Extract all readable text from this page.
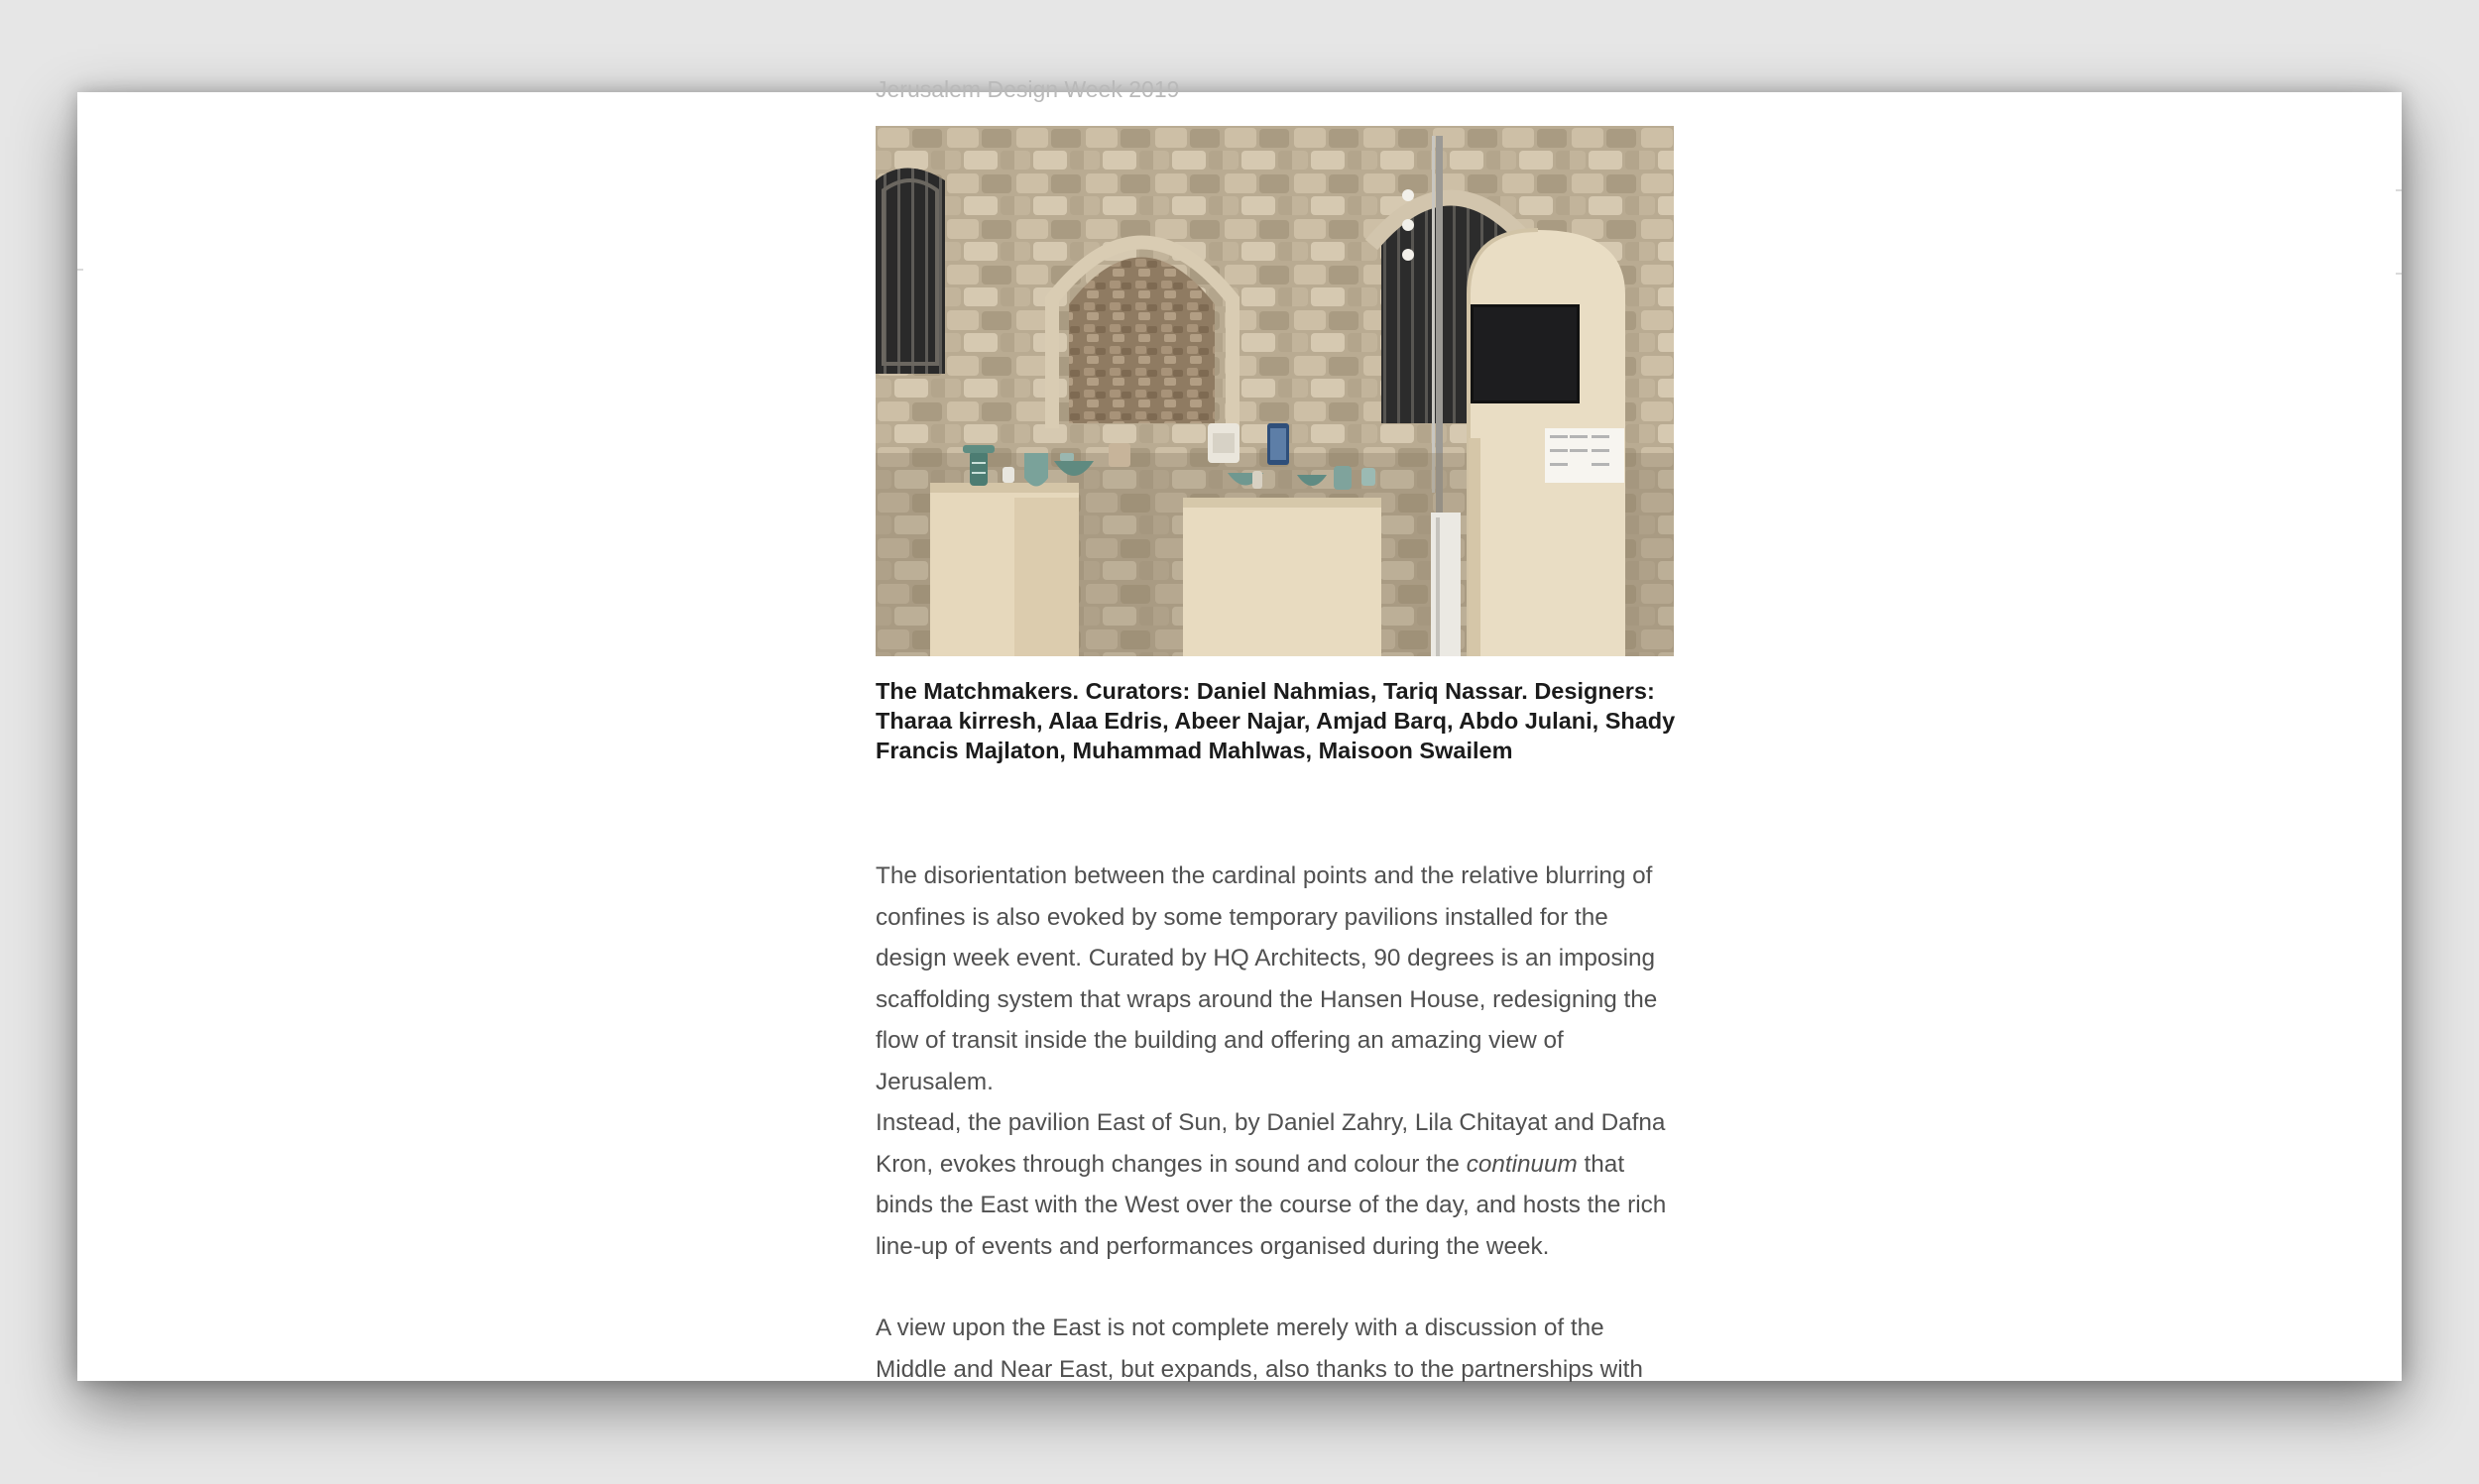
Jerusalem Design Week 2019
The Matchmakers. Curators: Daniel Nahmias, Tariq Nassar. Designers: Tharaa kirresh, Alaa Edris, Abeer Najar, Amjad Barq, Abdo Julani, Shady Francis Majlaton, Muhammad Mahlwas, Maisoon Swailem

The disorientation between the cardinal points and the relative blurring of confines is also evoked by some temporary pavilions installed for the design week event. Curated by HQ Architects, 90 degrees is an imposing scaffolding system that wraps around the Hansen House, redesigning the flow of transit inside the building and offering an amazing view of Jerusalem.
Instead, the pavilion East of Sun, by Daniel Zahry, Lila Chitayat and Dafna Kron, evokes through changes in sound and colour the continuum that binds the East with the West over the course of the day, and hosts the rich line-up of events and performances organised during the week.

A view upon the East is not complete merely with a discussion of the Middle and Near East, but expands, also thanks to the partnerships with
